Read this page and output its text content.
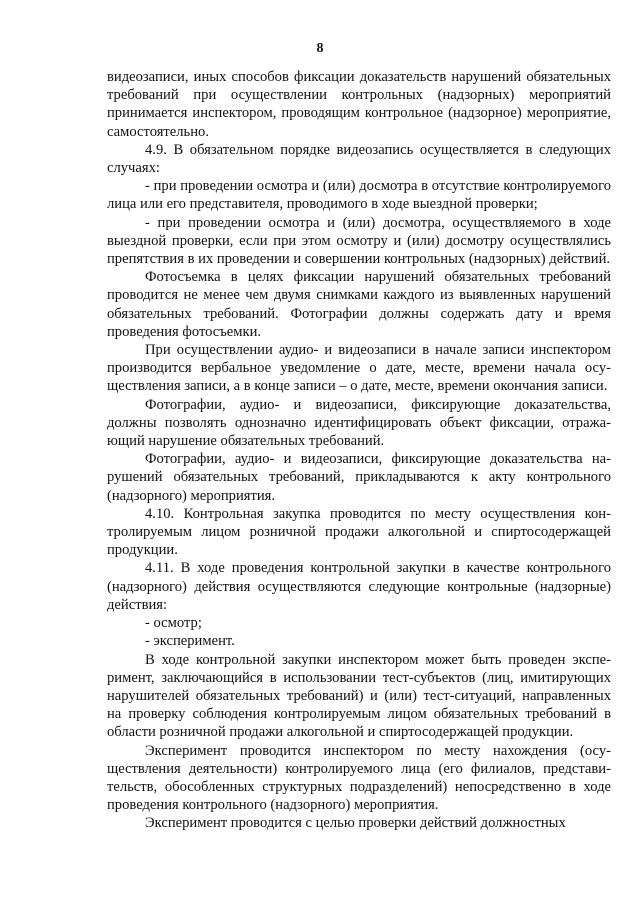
8

видеозаписи, иных способов фиксации доказательств нарушений обязательных требований при осуществлении контрольных (надзорных) мероприятий принимается инспектором, проводящим контрольное (надзорное) мероприятие, самостоятельно.

4.9. В обязательном порядке видеозапись осуществляется в следующих случаях:

- при проведении осмотра и (или) досмотра в отсутствие контролируемого лица или его представителя, проводимого в ходе выездной проверки;

- при проведении осмотра и (или) досмотра, осуществляемого в ходе выездной проверки, если при этом осмотру и (или) досмотру осуществлялись препятствия в их проведении и совершении контрольных (надзорных) действий.

Фотосъемка в целях фиксации нарушений обязательных требований проводится не менее чем двумя снимками каждого из выявленных нарушений обязательных требований. Фотографии должны содержать дату и время проведения фотосъемки.

При осуществлении аудио- и видеозаписи в начале записи инспектором производится вербальное уведомление о дате, месте, времени начала осуществления записи, а в конце записи – о дате, месте, времени окончания записи.

Фотографии, аудио- и видеозаписи, фиксирующие доказательства, должны позволять однозначно идентифицировать объект фиксации, отражающий нарушение обязательных требований.

Фотографии, аудио- и видеозаписи, фиксирующие доказательства нарушений обязательных требований, прикладываются к акту контрольного (надзорного) мероприятия.

4.10. Контрольная закупка проводится по месту осуществления контролируемым лицом розничной продажи алкогольной и спиртосодержащей продукции.

4.11. В ходе проведения контрольной закупки в качестве контрольного (надзорного) действия осуществляются следующие контрольные (надзорные) действия:

- осмотр;

- эксперимент.

В ходе контрольной закупки инспектором может быть проведен эксперимент, заключающийся в использовании тест-субъектов (лиц, имитирующих нарушителей обязательных требований) и (или) тест-ситуаций, направленных на проверку соблюдения контролируемым лицом обязательных требований в области розничной продажи алкогольной и спиртосодержащей продукции.

Эксперимент проводится инспектором по месту нахождения (осуществления деятельности) контролируемого лица (его филиалов, представительств, обособленных структурных подразделений) непосредственно в ходе проведения контрольного (надзорного) мероприятия.

Эксперимент проводится с целью проверки действий должностных
